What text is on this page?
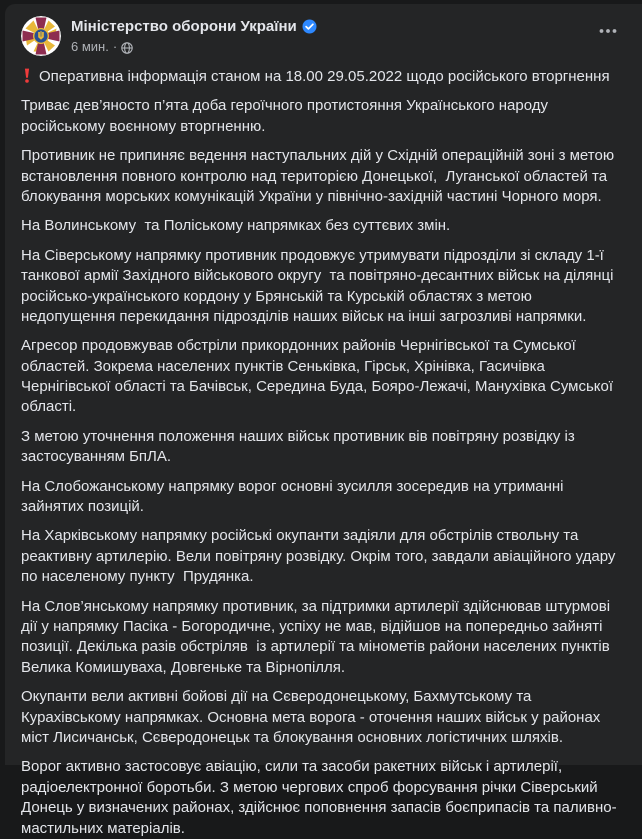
Міністерство оборони України
6 мин. ·

Оперативна інформація станом на 18.00 29.05.2022 щодо російського вторгнення

Триває дев’яносто п’ята доба героїчного протистояння Українського народу російському воєнному вторгненню.

Противник не припиняє ведення наступальних дій у Східній операційній зоні з метою встановлення повного контролю над територією Донецької,  Луганської областей та блокування морських комунікацій України у північно-західній частині Чорного моря.

На Волинському  та Поліському напрямках без суттєвих змін.

На Сіверському напрямку противник продовжує утримувати підрозділи зі складу 1-ї танкової армії Західного військового округу  та повітряно-десантних військ на ділянці російсько-українського кордону у Брянській та Курській областях з метою недопущення перекидання підрозділів наших військ на інші загрозливі напрямки.

Агресор продовжував обстріли прикордонних районів Чернігівської та Сумської областей. Зокрема населених пунктів Сеньківка, Гірськ, Хрінівка, Гасичівка Чернігівської області та Бачівськ, Середина Буда, Бояро-Лежачі, Манухівка Сумської області.

З метою уточнення положення наших військ противник вів повітряну розвідку із застосуванням БпЛА.

На Слобожанському напрямку ворог основні зусилля зосередив на утриманні зайнятих позицій.

На Харківському напрямку російські окупанти задіяли для обстрілів ствольну та реактивну артилерію. Вели повітряну розвідку. Окрім того, завдали авіаційного удару по населеному пункту  Прудянка.

На Слов’янському напрямку противник, за підтримки артилерії здійснював штурмові дії у напрямку Пасіка - Богородичне, успіху не мав, відійшов на попередньо зайняті позиції. Декілька разів обстріляв  із артилерії та мінометів райони населених пунктів Велика Комишуваха, Довгеньке та Вірнопілля.

Окупанти вели активні бойові дії на Сєверодонецькому, Бахмутському та Курахівському напрямках. Основна мета ворога - оточення наших військ у районах міст Лисичанськ, Сєверодонецьк та блокування основних логістичних шляхів.

Ворог активно застосовує авіацію, сили та засоби ракетних військ і артилерії, радіоелектронної боротьби. З метою чергових спроб форсування річки Сіверський Донець у визначених районах, здійснює поповнення запасів боєприпасів та паливно-мастильних матеріалів.
